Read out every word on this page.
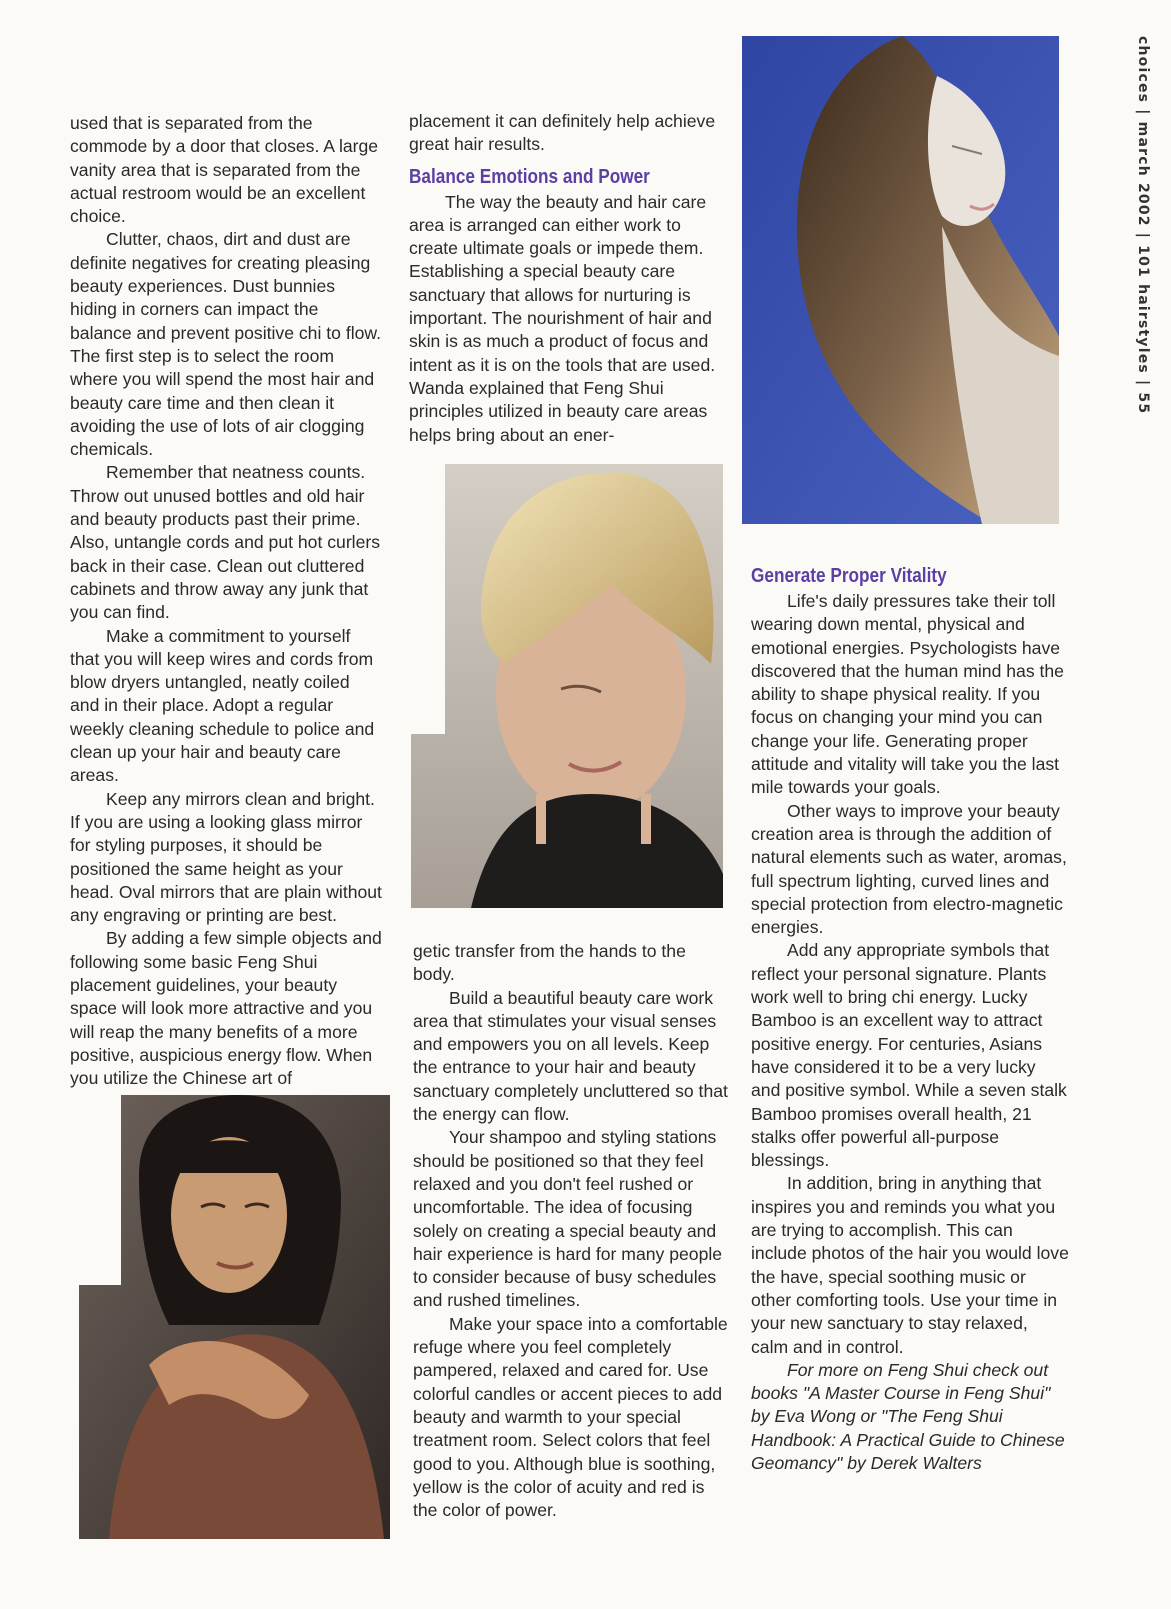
choices | march 2002 | 101 hairstyles | 55

used that is separated from the commode by a door that closes. A large vanity area that is separated from the actual restroom would be an excellent choice.

Clutter, chaos, dirt and dust are definite negatives for creating pleasing beauty experiences. Dust bunnies hiding in corners can impact the balance and prevent positive chi to flow. The first step is to select the room where you will spend the most hair and beauty care time and then clean it avoiding the use of lots of air clogging chemicals.

Remember that neatness counts. Throw out unused bottles and old hair and beauty products past their prime. Also, untangle cords and put hot curlers back in their case. Clean out cluttered cabinets and throw away any junk that you can find.

Make a commitment to yourself that you will keep wires and cords from blow dryers untangled, neatly coiled and in their place. Adopt a regular weekly cleaning schedule to police and clean up your hair and beauty care areas.

Keep any mirrors clean and bright. If you are using a looking glass mirror for styling purposes, it should be positioned the same height as your head. Oval mirrors that are plain without any engraving or printing are best.

By adding a few simple objects and following some basic Feng Shui placement guidelines, your beauty space will look more attractive and you will reap the many benefits of a more positive, auspicious energy flow. When you utilize the Chinese art of

placement it can definitely help achieve great hair results.

Balance Emotions and Power

The way the beauty and hair care area is arranged can either work to create ultimate goals or impede them. Establishing a special beauty care sanctuary that allows for nurturing is important. The nourishment of hair and skin is as much a product of focus and intent as it is on the tools that are used. Wanda explained that Feng Shui principles utilized in beauty care areas helps bring about an ener-

getic transfer from the hands to the body.

Build a beautiful beauty care work area that stimulates your visual senses and empowers you on all levels. Keep the entrance to your hair and beauty sanctuary completely uncluttered so that the energy can flow.

Your shampoo and styling stations should be positioned so that they feel relaxed and you don't feel rushed or uncomfortable. The idea of focusing solely on creating a special beauty and hair experience is hard for many people to consider because of busy schedules and rushed timelines.

Make your space into a comfortable refuge where you feel completely pampered, relaxed and cared for. Use colorful candles or accent pieces to add beauty and warmth to your special treatment room. Select colors that feel good to you. Although blue is soothing, yellow is the color of acuity and red is the color of power.

Generate Proper Vitality

Life's daily pressures take their toll wearing down mental, physical and emotional energies. Psychologists have discovered that the human mind has the ability to shape physical reality. If you focus on changing your mind you can change your life. Generating proper attitude and vitality will take you the last mile towards your goals.

Other ways to improve your beauty creation area is through the addition of natural elements such as water, aromas, full spectrum lighting, curved lines and special protection from electro-magnetic energies.

Add any appropriate symbols that reflect your personal signature. Plants work well to bring chi energy. Lucky Bamboo is an excellent way to attract positive energy. For centuries, Asians have considered it to be a very lucky and positive symbol. While a seven stalk Bamboo promises overall health, 21 stalks offer powerful all-purpose blessings.

In addition, bring in anything that inspires you and reminds you what you are trying to accomplish. This can include photos of the hair you would love the have, special soothing music or other comforting tools. Use your time in your new sanctuary to stay relaxed, calm and in control.

For more on Feng Shui check out books "A Master Course in Feng Shui" by Eva Wong or "The Feng Shui Handbook: A Practical Guide to Chinese Geomancy" by Derek Walters
